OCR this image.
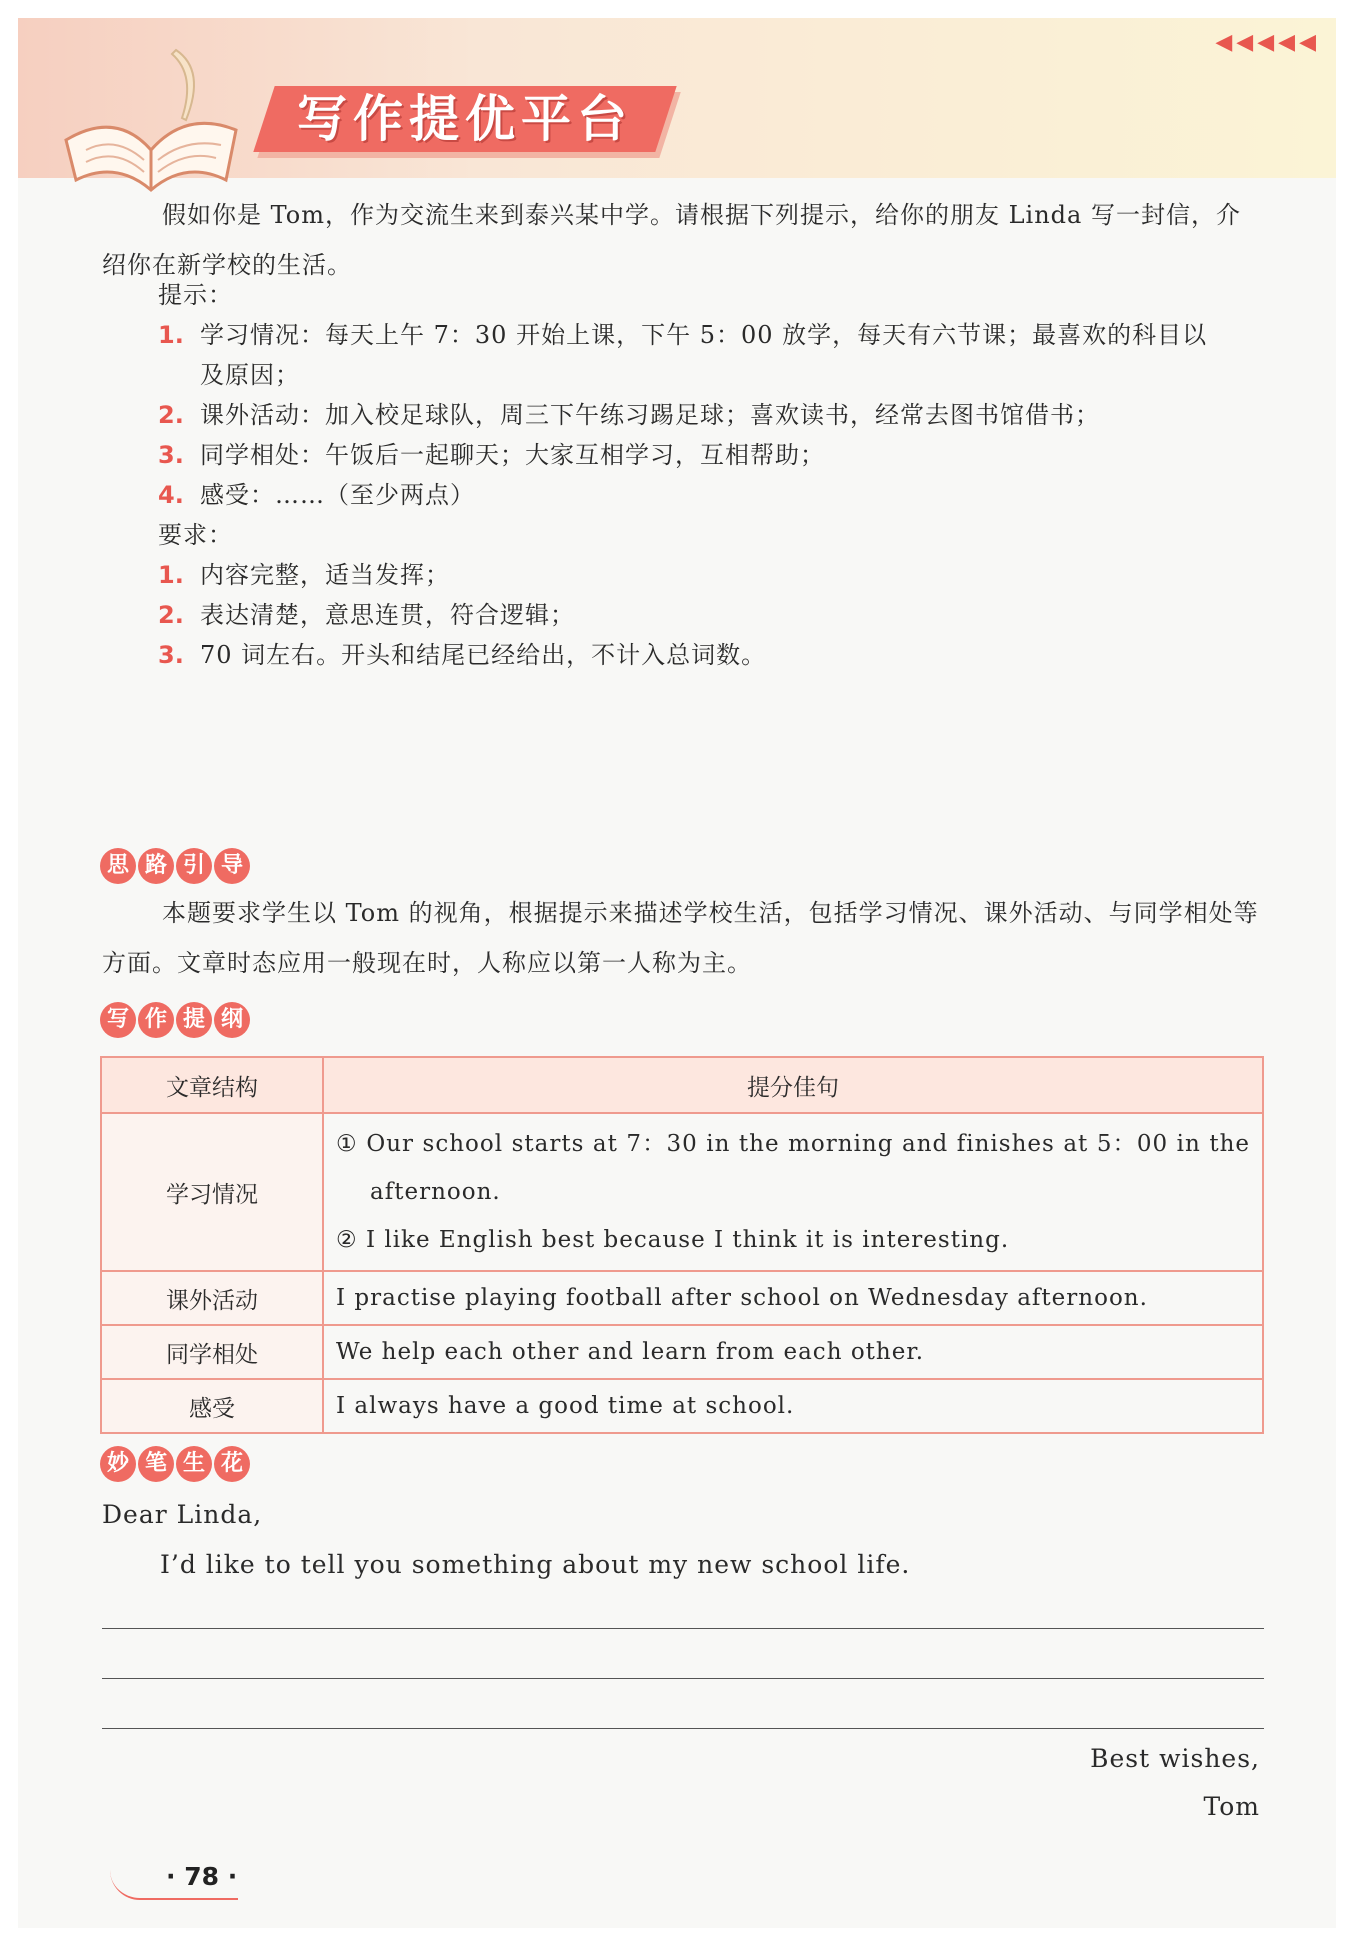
写作提优平台
◀◀◀◀◀
假如你是 Tom，作为交流生来到泰兴某中学。请根据下列提示，给你的朋友 Linda 写一封信，介绍你在新学校的生活。
提示：
1. 学习情况：每天上午 7：30 开始上课，下午 5：00 放学，每天有六节课；最喜欢的科目以
及原因；
2. 课外活动：加入校足球队，周三下午练习踢足球；喜欢读书，经常去图书馆借书；
3. 同学相处：午饭后一起聊天；大家互相学习，互相帮助；
4. 感受：……（至少两点）
要求：
1. 内容完整，适当发挥；
2. 表达清楚，意思连贯，符合逻辑；
3. 70 词左右。开头和结尾已经给出，不计入总词数。
思 路 引 导
本题要求学生以 Tom 的视角，根据提示来描述学校生活，包括学习情况、课外活动、与同学相处等方面。文章时态应用一般现在时，人称应以第一人称为主。
写 作 提 纲
文章结构	提分佳句
学习情况	① Our school starts at 7：30 in the morning and finishes at 5：00 in the
afternoon.
② I like English best because I think it is interesting.

课外活动	I practise playing football after school on Wednesday afternoon.
同学相处	We help each other and learn from each other.
感受	I always have a good time at school.
妙 笔 生 花
Dear Linda,
I’d like to tell you something about my new school life.
Best wishes,
Tom
· 78 ·
